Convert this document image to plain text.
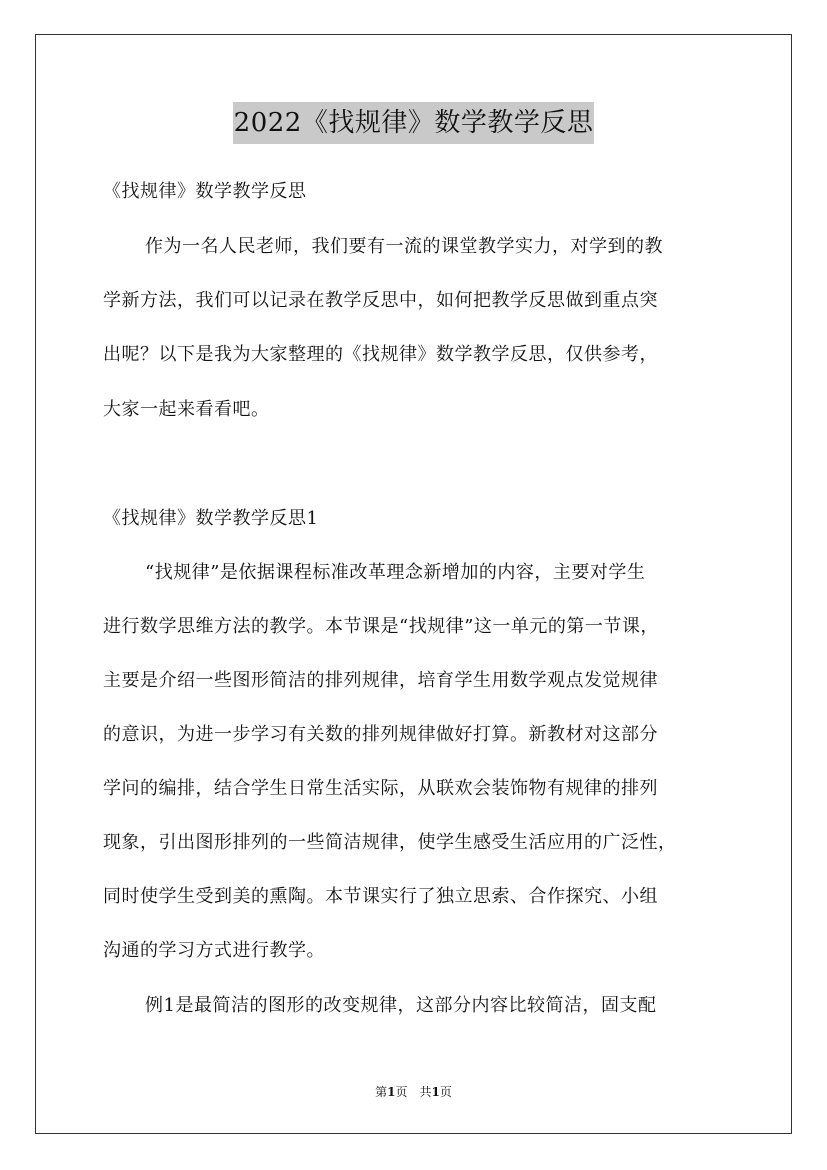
2022《找规律》数学教学反思
《找规律》数学教学反思
作为一名人民老师，我们要有一流的课堂教学实力，对学到的教
学新方法，我们可以记录在教学反思中，如何把教学反思做到重点突
出呢？以下是我为大家整理的《找规律》数学教学反思，仅供参考，
大家一起来看看吧。
《找规律》数学教学反思1
“找规律”是依据课程标准改革理念新增加的内容，主要对学生
进行数学思维方法的教学。本节课是“找规律”这一单元的第一节课，
主要是介绍一些图形简洁的排列规律，培育学生用数学观点发觉规律
的意识，为进一步学习有关数的排列规律做好打算。新教材对这部分
学问的编排，结合学生日常生活实际，从联欢会装饰物有规律的排列
现象，引出图形排列的一些简洁规律，使学生感受生活应用的广泛性，
同时使学生受到美的熏陶。本节课实行了独立思索、合作探究、小组
沟通的学习方式进行教学。
例1是最简洁的图形的改变规律，这部分内容比较简洁，固支配
第1页　共1页
